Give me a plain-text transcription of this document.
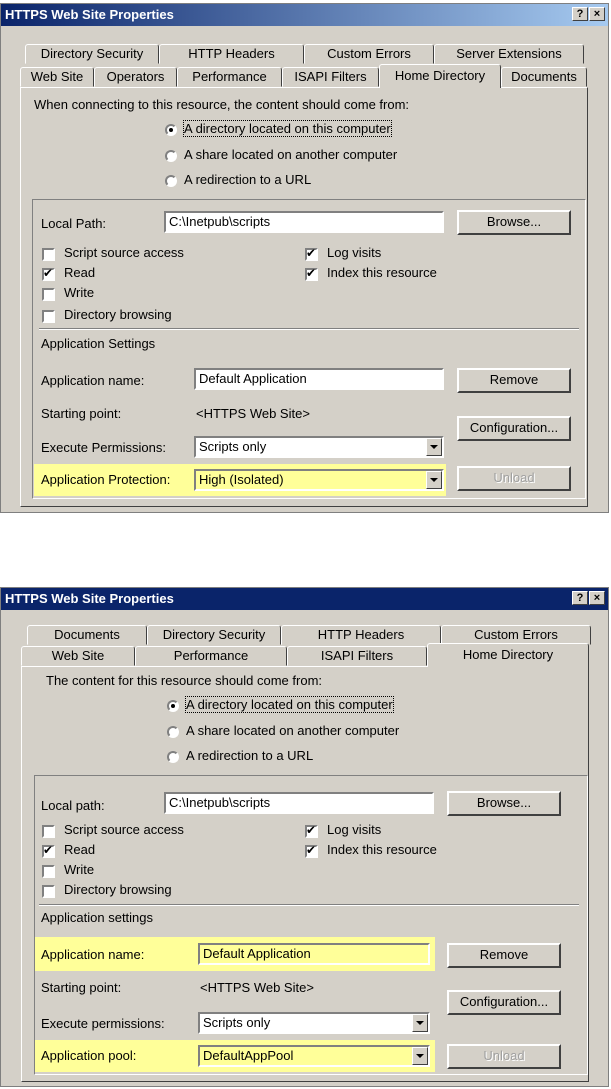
HTTPS Web Site Properties	? ×
Directory Security	HTTP Headers	Custom Errors	Server Extensions
Web Site	Operators	Performance	ISAPI Filters	Home Directory	Documents
When connecting to this resource, the content should come from:
A directory located on this computer
A share located on another computer
A redirection to a URL
Local Path:	C:\Inetpub\scripts	Browse...
Script source access
✔
Read
Write
Directory browsing
✔
Log visits
✔
Index this resource
Application Settings
Application name:	Default Application	Remove
Starting point:	<HTTPS Web Site>
Configuration...
Execute Permissions:	Scripts only
Application Protection:	High (Isolated)	Unload
HTTPS Web Site Properties	? ×
Documents	Directory Security	HTTP Headers	Custom Errors
Web Site	Performance	ISAPI Filters	Home Directory
The content for this resource should come from:
A directory located on this computer
A share located on another computer
A redirection to a URL
Local path:	C:\Inetpub\scripts	Browse...
Script source access
✔
Read
Write
Directory browsing
✔
Log visits
✔
Index this resource
Application settings
Application name:	Default Application	Remove
Starting point:	<HTTPS Web Site>
Configuration...
Execute permissions:	Scripts only
Application pool:	DefaultAppPool	Unload
